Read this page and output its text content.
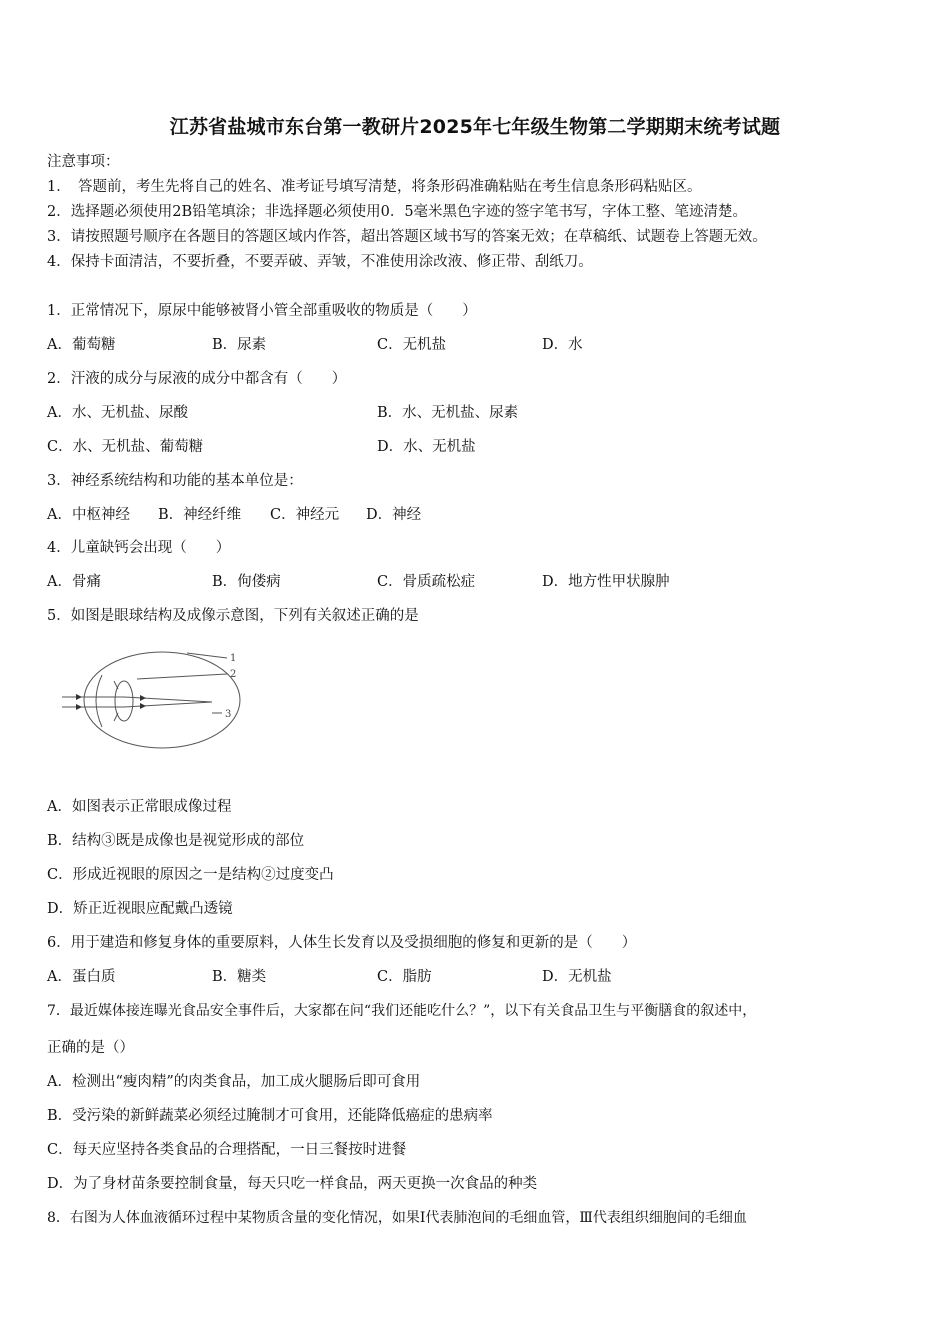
江苏省盐城市东台第一教研片2025年七年级生物第二学期期末统考试题
注意事项：
1．　答题前，考生先将自己的姓名、准考证号填写清楚，将条形码准确粘贴在考生信息条形码粘贴区。
2．选择题必须使用2B铅笔填涂；非选择题必须使用0．5毫米黑色字迹的签字笔书写，字体工整、笔迹清楚。
3．请按照题号顺序在各题目的答题区域内作答，超出答题区域书写的答案无效；在草稿纸、试题卷上答题无效。
4．保持卡面清洁，不要折叠，不要弄破、弄皱，不准使用涂改液、修正带、刮纸刀。
1．正常情况下，原尿中能够被肾小管全部重吸收的物质是（　　）
A．葡萄糖	B．尿素	C．无机盐	D．水
2．汗液的成分与尿液的成分中都含有（　　）
A．水、无机盐、尿酸	B．水、无机盐、尿素
C．水、无机盐、葡萄糖	D．水、无机盐
3．神经系统结构和功能的基本单位是：
A．中枢神经 B．神经纤维 C．神经元 D．神经
4．儿童缺钙会出现（　　）
A．骨痛	B．佝偻病	C．骨质疏松症	D．地方性甲状腺肿
5．如图是眼球结构及成像示意图，下列有关叙述正确的是
1
2
3
A．如图表示正常眼成像过程
B．结构③既是成像也是视觉形成的部位
C．形成近视眼的原因之一是结构②过度变凸
D．矫正近视眼应配戴凸透镜
6．用于建造和修复身体的重要原料，人体生长发育以及受损细胞的修复和更新的是（　　）
A．蛋白质	B．糖类	C．脂肪	D．无机盐
7．最近媒体接连曝光食品安全事件后，大家都在问“我们还能吃什么？”，以下有关食品卫生与平衡膳食的叙述中，
正确的是（）
A．检测出“瘦肉精”的肉类食品，加工成火腿肠后即可食用
B．受污染的新鲜蔬菜必须经过腌制才可食用，还能降低癌症的患病率
C．每天应坚持各类食品的合理搭配，一日三餐按时进餐
D．为了身材苗条要控制食量，每天只吃一样食品，两天更换一次食品的种类
8．右图为人体血液循环过程中某物质含量的变化情况，如果Ⅰ代表肺泡间的毛细血管，Ⅲ代表组织细胞间的毛细血
